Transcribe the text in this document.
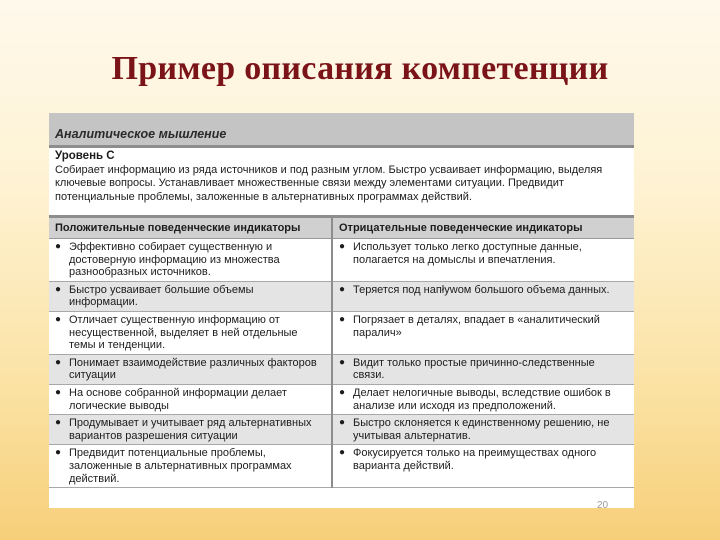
Пример описания компетенции
Аналитическое мышление
Уровень С
Собирает информацию из ряда источников и под разным углом. Быстро усваивает информацию, выделяя ключевые вопросы. Устанавливает множественные связи между элементами ситуации. Предвидит потенциальные проблемы, заложенные в альтернативных программах действий.
Положительные поведенческие индикаторы	Отрицательные поведенческие индикаторы

● Эффективно собирает существенную и достоверную информацию из множества разнообразных источников.	● Использует только легко доступные данные, полагается на домыслы и впечатления.

● Быстро усваивает большие объемы информации.	● Теряется под напływом большого объема данных.

● Отличает существенную информацию от несущественной, выделяет в ней отдельные темы и тенденции.	● Погрязает в деталях, впадает в «аналитический паралич»

● Понимает взаимодействие различных факторов ситуации	● Видит только простые причинно-следственные связи.

● На основе собранной информации делает логические выводы	● Делает нелогичные выводы, вследствие ошибок в анализе или исходя из предположений.

● Продумывает и учитывает ряд альтернативных вариантов разрешения ситуации	● Быстро склоняется к единственному решению, не учитывая альтернатив.

● Предвидит потенциальные проблемы, заложенные в альтернативных программах действий.	● Фокусируется только на преимуществах одного варианта действий.
20
